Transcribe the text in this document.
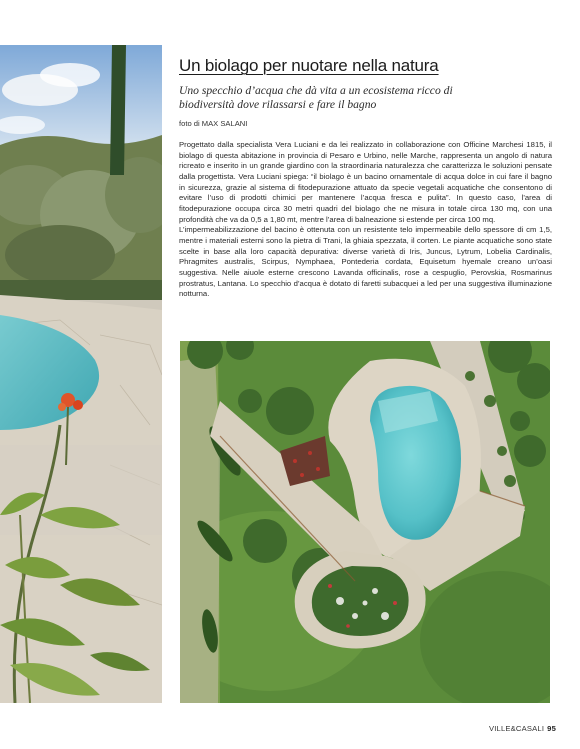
Un biolago per nuotare nella natura
Uno specchio d’acqua che dà vita a un ecosistema ricco di biodiversità dove rilassarsi e fare il bagno
foto di MAX SALANI

Progettato dalla specialista Vera Luciani e da lei realizzato in collaborazione con Officine Marchesi 1815, il biolago di questa abitazione in provincia di Pesaro e Urbino, nelle Marche, rappresenta un angolo di natura ricreato e inserito in un grande giardino con la straordinaria naturalezza che caratterizza le soluzioni pensate dalla progettista. Vera Luciani spiega: “il biolago è un bacino ornamentale di acqua dolce in cui fare il bagno in sicurezza, grazie al sistema di fitodepurazione attuato da specie vegetali acquatiche che consentono di evitare l’uso di prodotti chimici per mantenere l’acqua fresca e pulita”. In questo caso, l’area di fitodepurazione occupa circa 30 metri quadri del biolago che ne misura in totale circa 130 mq, con una profondità che va da 0,5 a 1,80 mt, mentre l’area di balneazione si estende per circa 100 mq.

L’impermeabilizzazione del bacino è ottenuta con un resistente telo impermeabile dello spessore di cm 1,5, mentre i materiali esterni sono la pietra di Trani, la ghiaia spezzata, il corten. Le piante acquatiche sono state scelte in base alla loro capacità depurativa: diverse varietà di Iris, Juncus, Lytrum, Lobelia Cardinalis, Phragmites australis, Scirpus, Nymphaea, Pontederia cordata, Equisetum hyemale creano un’oasi suggestiva. Nelle aiuole esterne crescono Lavanda officinalis, rose a cespuglio, Perovskia, Rosmarinus prostratus, Lantana. Lo specchio d’acqua è dotato di faretti subacquei a led per una suggestiva illuminazione notturna.

VILLE&CASALI 95
